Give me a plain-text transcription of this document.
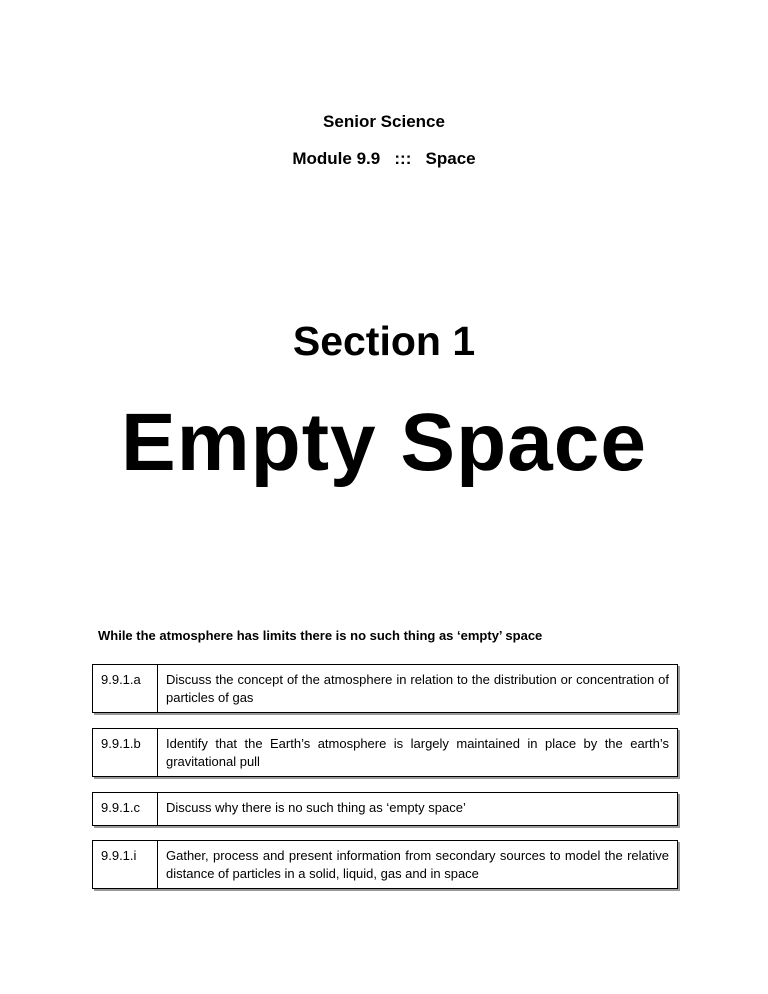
Senior Science

Module 9.9   :::   Space

Section 1
Empty Space

While the atmosphere has limits there is no such thing as ‘empty’ space

9.9.1.a	Discuss the concept of the atmosphere in relation to the distribution or concentration of particles of gas
9.9.1.b	Identify that the Earth’s atmosphere is largely maintained in place by the earth’s gravitational pull
9.9.1.c	Discuss why there is no such thing as ‘empty space’
9.9.1.i	Gather, process and present information from secondary sources to model the relative distance of particles in a solid, liquid, gas and in space
